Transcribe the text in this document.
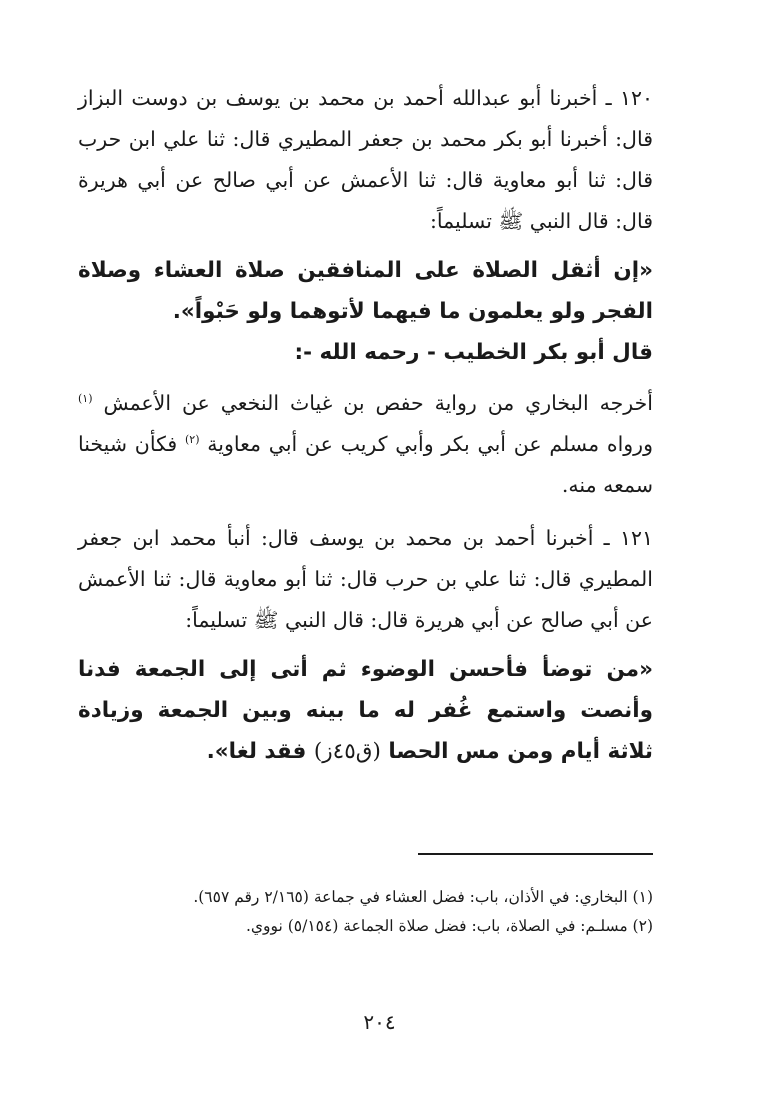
١٢٠ ـ أخبرنا أبو عبدالله أحمد بن محمد بن يوسف بن دوست البزاز قال: أخبرنا أبو بكر محمد بن جعفر المطيري قال: ثنا علي ابن حرب قال: ثنا أبو معاوية قال: ثنا الأعمش عن أبي صالح عن أبي هريرة قال: قال النبي ﷺ تسليماً:

«إن أثقل الصلاة على المنافقين صلاة العشاء وصلاة الفجر ولو يعلمون ما فيهما لأتوهما ولو حَبْواً».

قال أبو بكر الخطيب - رحمه الله -:

أخرجه البخاري من رواية حفص بن غياث النخعي عن الأعمش $^{(١)}$ ورواه مسلم عن أبي بكر وأبي كريب عن أبي معاوية $^{(٢)}$ فكأن شيخنا سمعه منه.

١٢١ ـ أخبرنا أحمد بن محمد بن يوسف قال: أنبأ محمد ابن جعفر المطيري قال: ثنا علي بن حرب قال: ثنا أبو معاوية قال: ثنا الأعمش عن أبي صالح عن أبي هريرة قال: قال النبي ﷺ تسليماً:

«من توضأ فأحسن الوضوء ثم أتى إلى الجمعة فدنا وأنصت واستمع غُفر له ما بينه وبين الجمعة وزيادة ثلاثة أيام ومن مس الحصا (ق٤٥ز) فقد لغا».

(١) البخاري: في الأذان، باب: فضل العشاء في جماعة (٢/١٦٥ رقم ٦٥٧).

(٢) مسلـم: في الصلاة، باب: فضل صلاة الجماعة (٥/١٥٤) نووي.

٢٠٤
